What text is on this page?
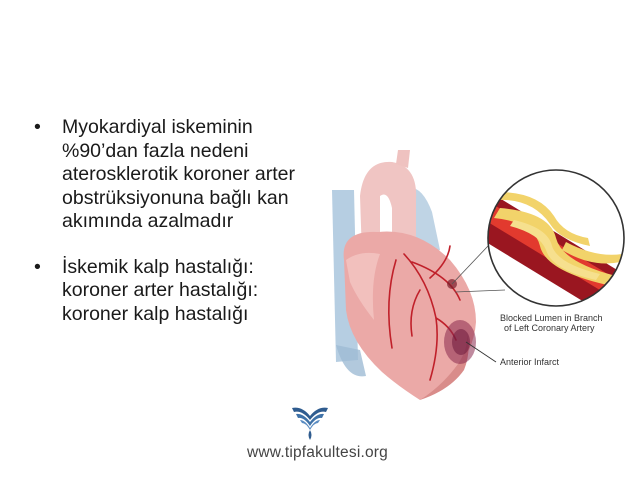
• Myokardiyal iskeminin %90’dan fazla nedeni aterosklerotik koroner arter obstrüksiyonuna bağlı kan akımında azalmadır
• İskemik kalp hastalığı: koroner arter hastalığı: koroner kalp hastalığı	Blocked Lumen in Branch
of Left Coronary Artery
Anterior Infarct
www.tipfakultesi.org
